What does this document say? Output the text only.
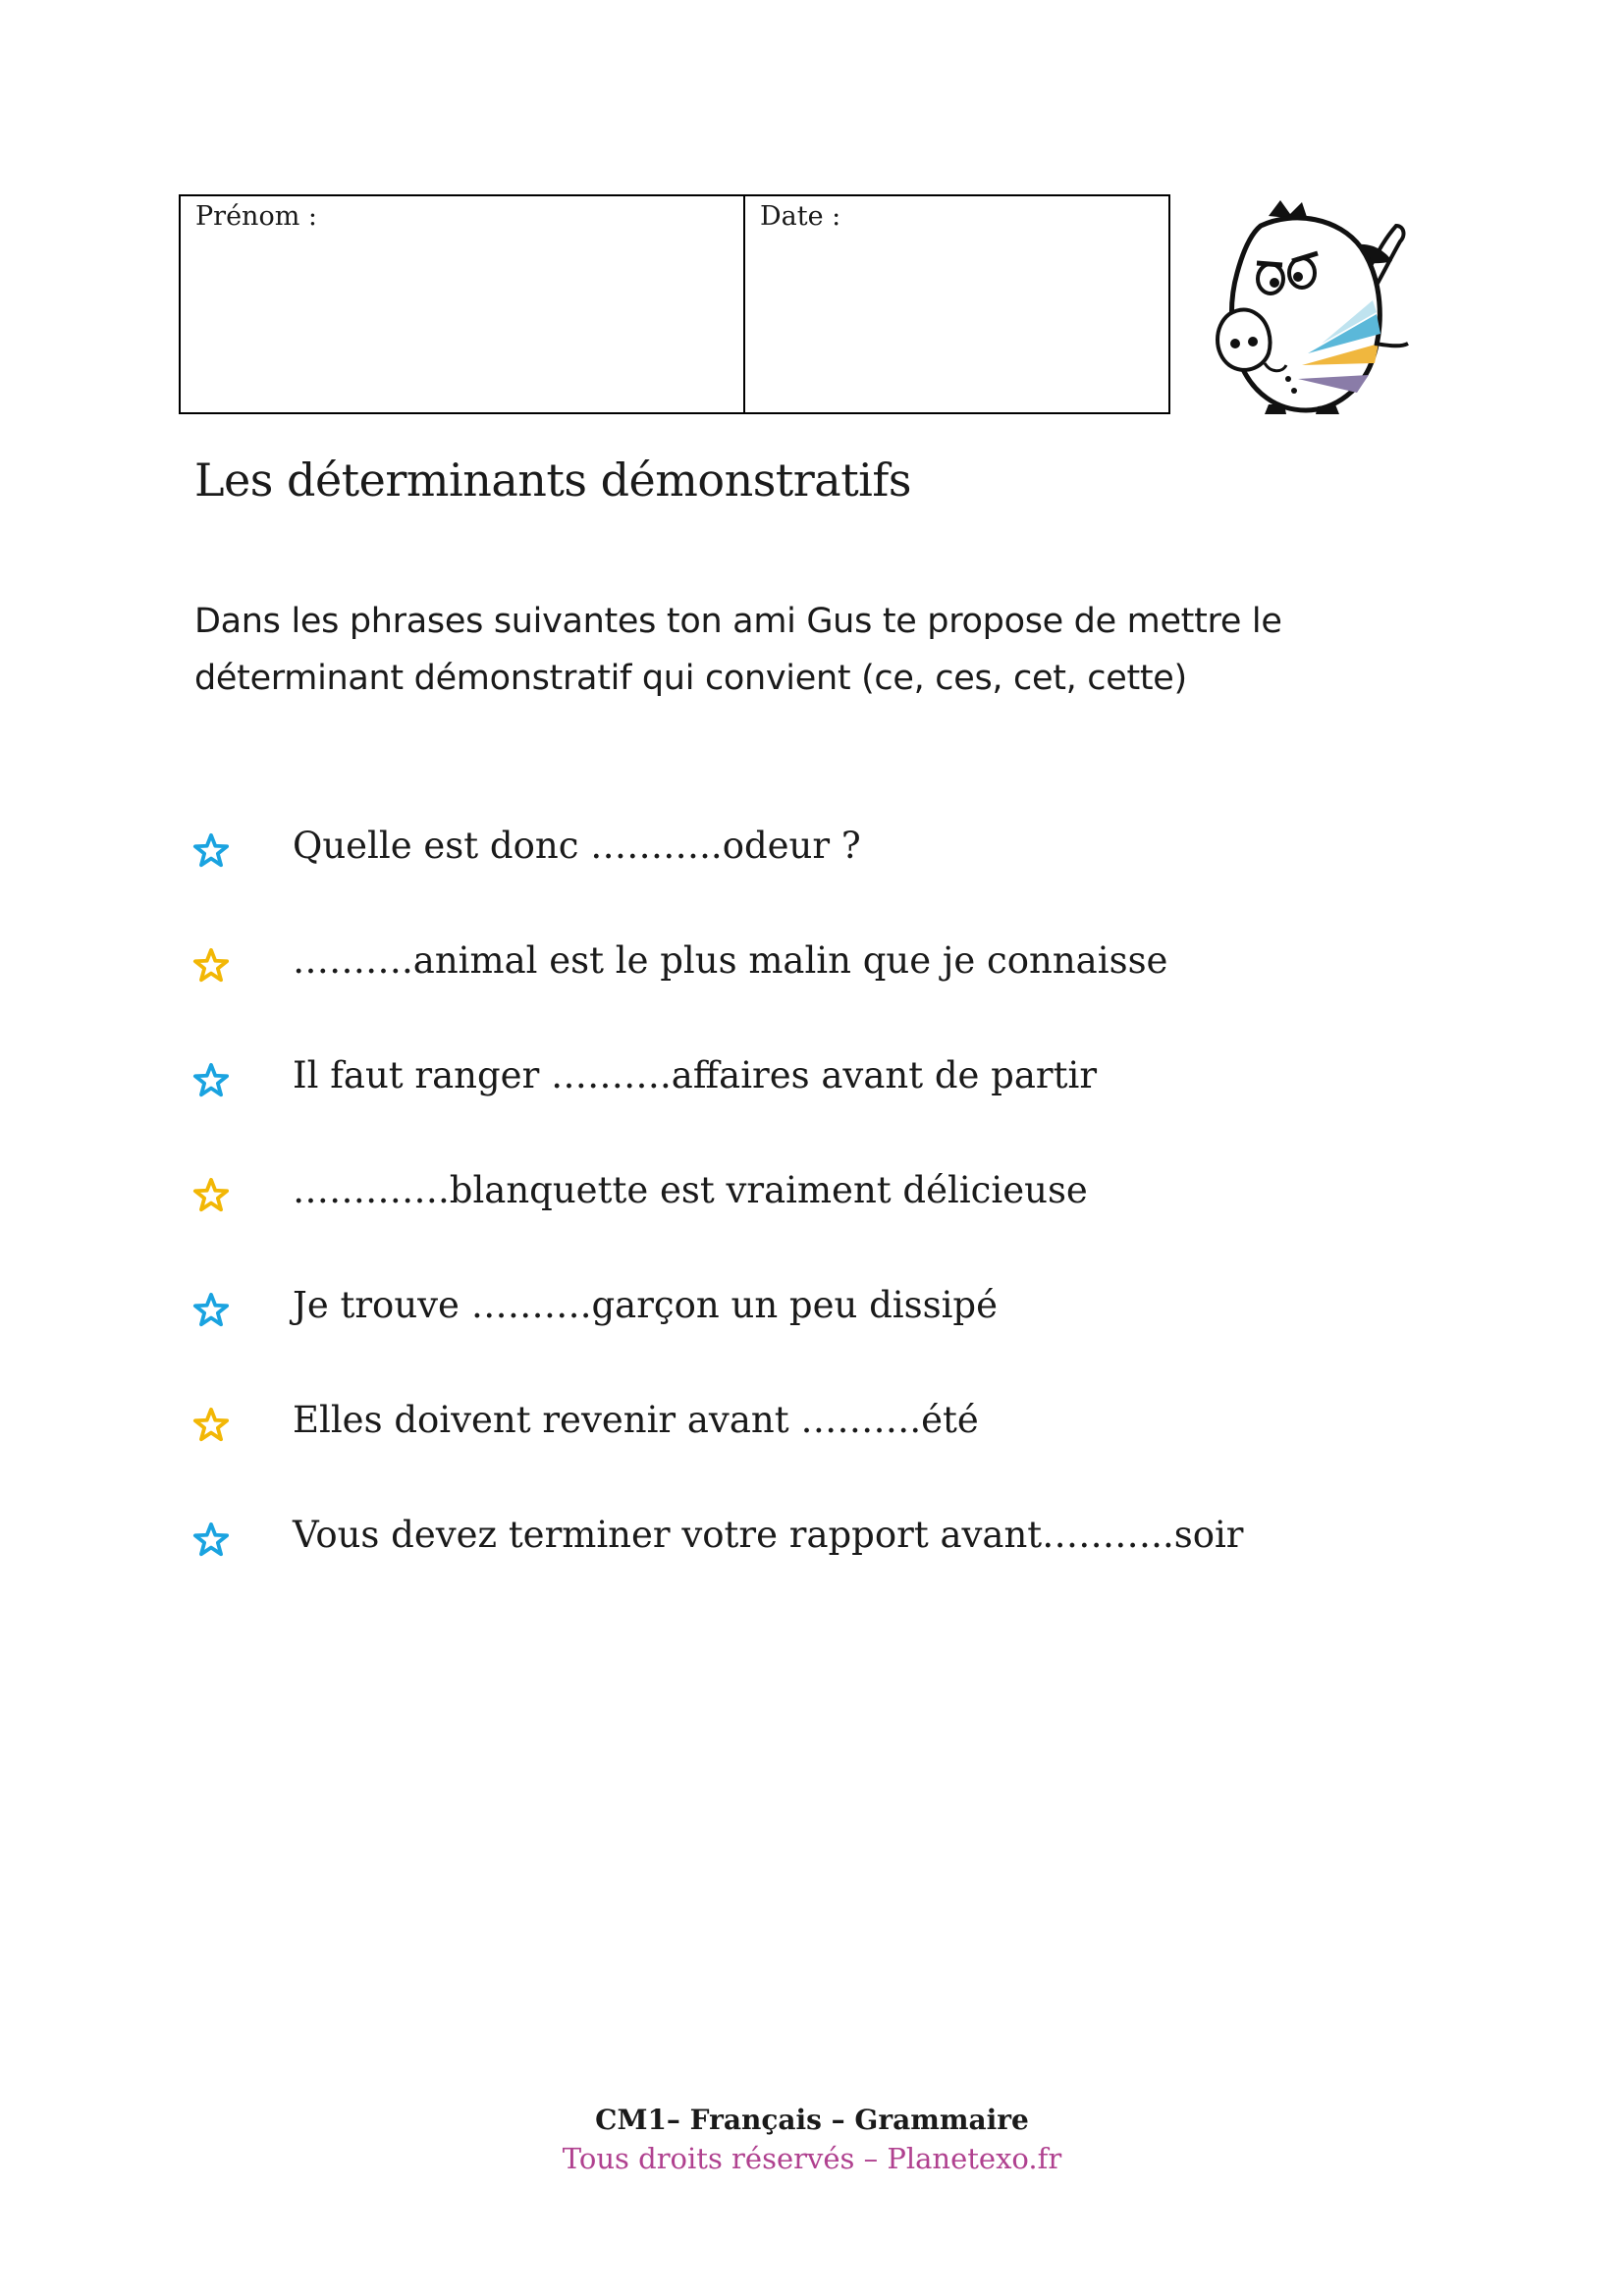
Prénom :	Date :
Les déterminants démonstratifs
Dans les phrases suivantes ton ami Gus te propose de mettre le déterminant démonstratif qui convient (ce, ces, cet, cette)
Quelle est donc ………..odeur ?
……….animal est le plus malin que je connaisse
Il faut ranger ……….affaires avant de partir
………….blanquette est vraiment délicieuse
Je trouve ……….garçon un peu dissipé
Elles doivent revenir avant ……….été
Vous devez terminer votre rapport avant………..soir
CM1– Français – Grammaire
Tous droits réservés – Planetexo.fr
